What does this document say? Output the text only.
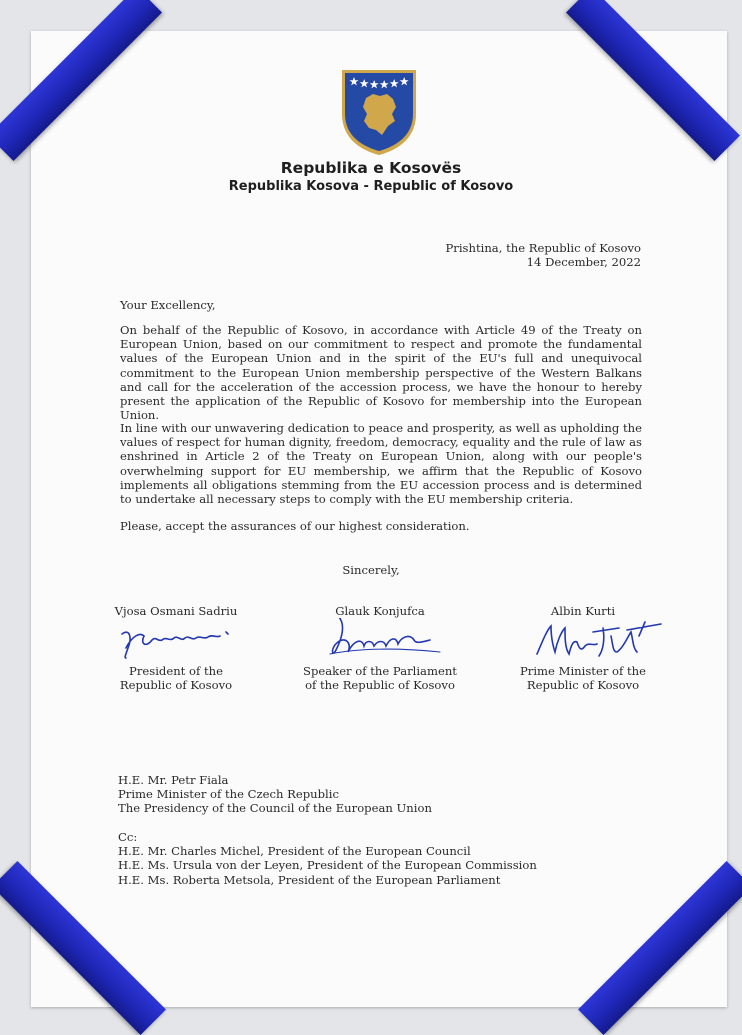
Republika e Kosovës
Republika Kosova - Republic of Kosovo
Prishtina, the Republic of Kosovo
14 December, 2022
Your Excellency,
On behalf of the Republic of Kosovo, in accordance with Article 49 of the Treaty on European Union, based on our commitment to respect and promote the fundamental values of the European Union and in the spirit of the EU's full and unequivocal commitment to the European Union membership perspective of the Western Balkans and call for the acceleration of the accession process, we have the honour to hereby present the application of the Republic of Kosovo for membership into the European Union.
In line with our unwavering dedication to peace and prosperity, as well as upholding the values of respect for human dignity, freedom, democracy, equality and the rule of law as enshrined in Article 2 of the Treaty on European Union, along with our people's overwhelming support for EU membership, we affirm that the Republic of Kosovo implements all obligations stemming from the EU accession process and is determined to undertake all necessary steps to comply with the EU membership criteria.
Please, accept the assurances of our highest consideration.
Sincerely,
Vjosa Osmani Sadriu
President of the
Republic of Kosovo
Glauk Konjufca
Speaker of the Parliament
of the Republic of Kosovo
Albin Kurti
Prime Minister of the
Republic of Kosovo
H.E. Mr. Petr Fiala
Prime Minister of the Czech Republic
The Presidency of the Council of the European Union
Cc:
H.E. Mr. Charles Michel, President of the European Council
H.E. Ms. Ursula von der Leyen, President of the European Commission
H.E. Ms. Roberta Metsola, President of the European Parliament
